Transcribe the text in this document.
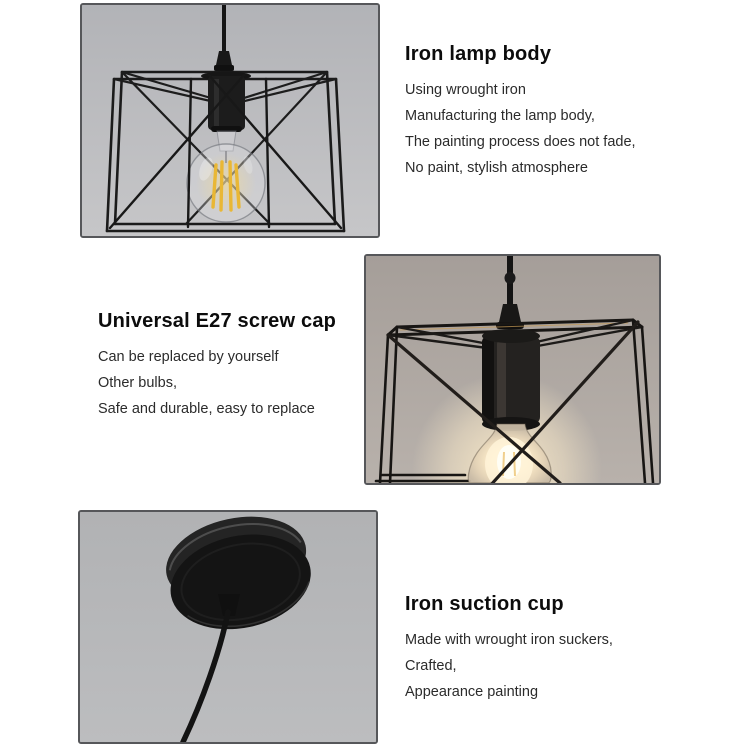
Iron lamp body

Using wrought iron

Manufacturing the lamp body,

The painting process does not fade,

No paint, stylish atmosphere

Universal E27 screw cap

Can be replaced by yourself

Other bulbs,

Safe and durable, easy to replace

Iron suction cup

Made with wrought iron suckers,

Crafted,

Appearance painting
